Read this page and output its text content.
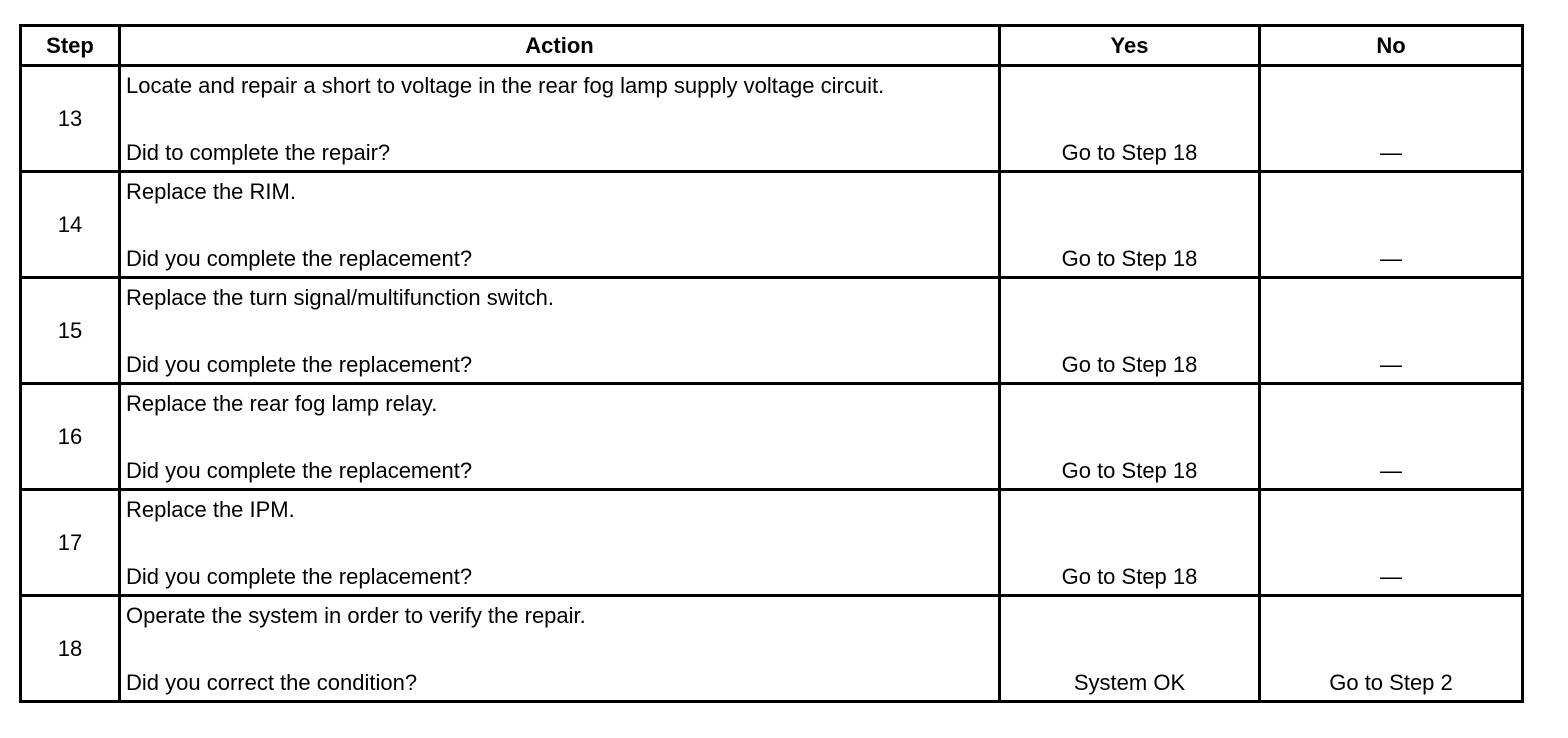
Step	Action	Yes	No
13	Locate and repair a short to voltage in the rear fog lamp supply voltage circuit.
Did to complete the repair?	Go to Step 18	—

14	Replace the RIM.
Did you complete the replacement?	Go to Step 18	—

15	Replace the turn signal/multifunction switch.
Did you complete the replacement?	Go to Step 18	—

16	Replace the rear fog lamp relay.
Did you complete the replacement?	Go to Step 18	—

17	Replace the IPM.
Did you complete the replacement?	Go to Step 18	—

18	Operate the system in order to verify the repair.
Did you correct the condition?	System OK	Go to Step 2
